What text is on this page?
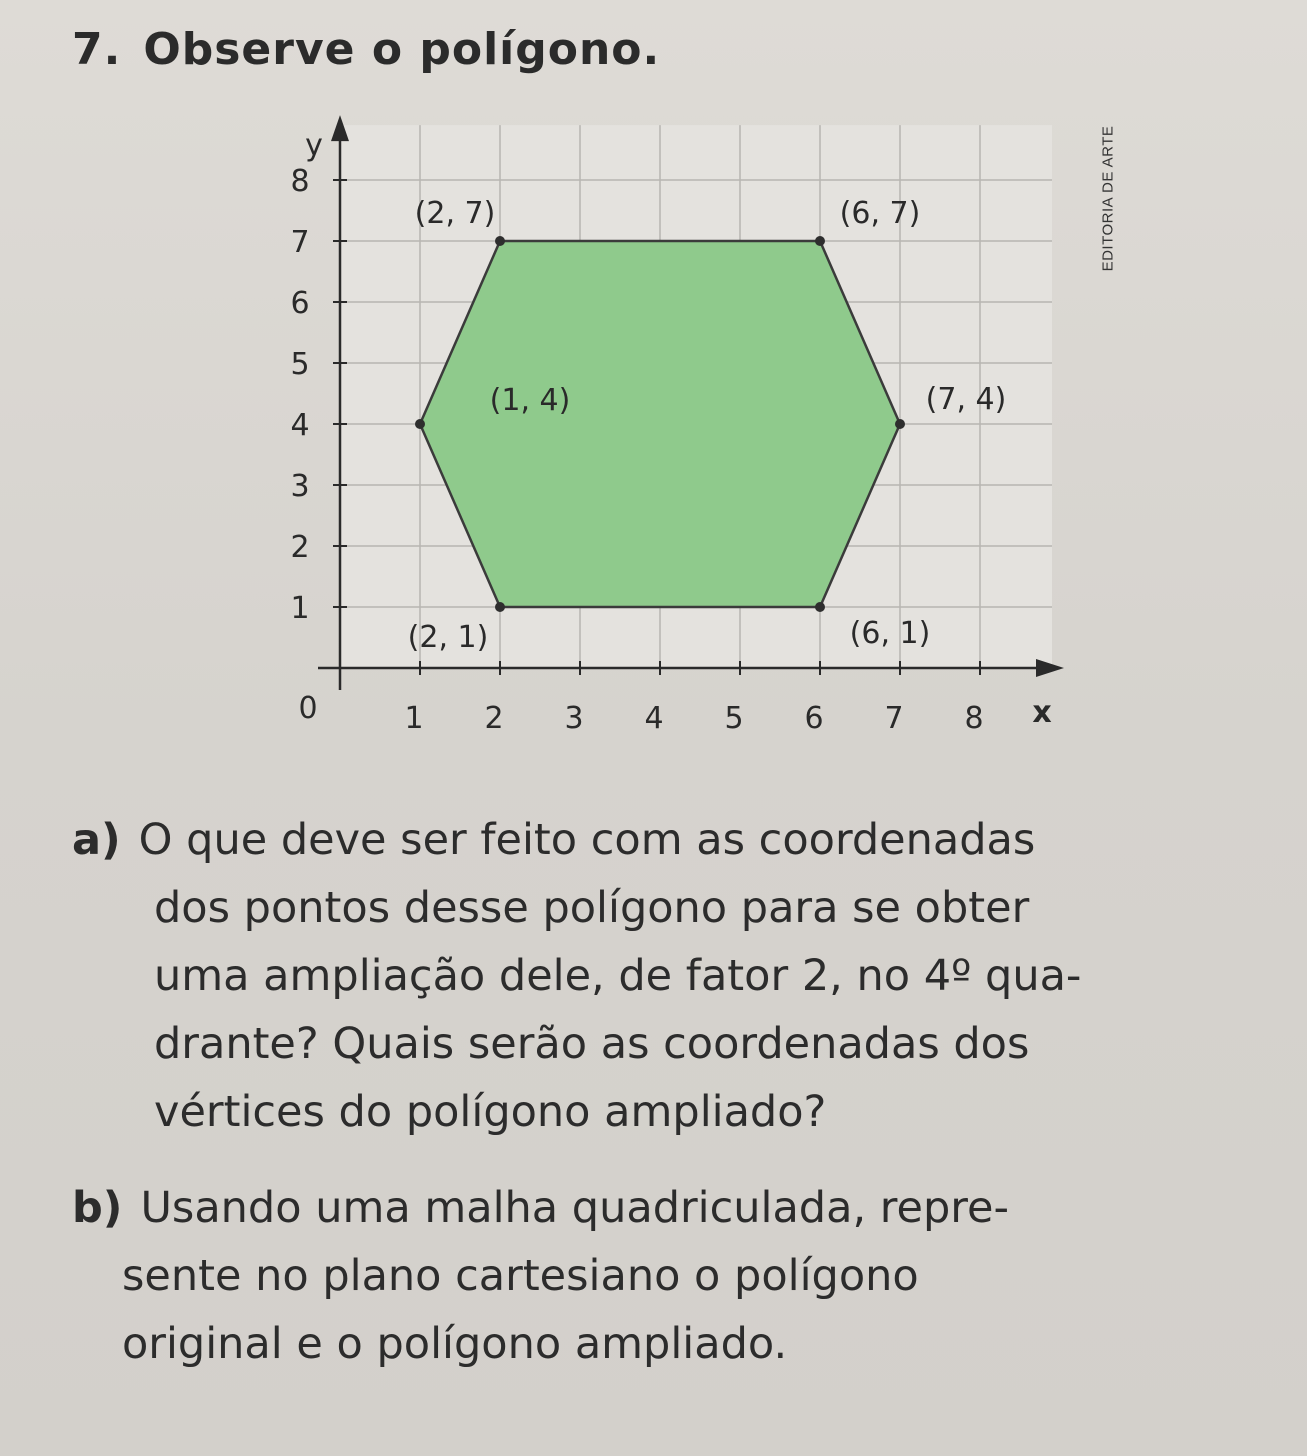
7. Observe o polígono.
1 2 3 4 5 6 7 8
1
2
3
4
5
6
7
8
0	x
y
(2, 7)	(6, 7)
(7, 4)
(6, 1)
(2, 1)
(1, 4)
EDITORIA DE ARTE
a) O que deve ser feito com as coordenadas
dos pontos desse polígono para se obter
uma ampliação dele, de fator 2, no 4º qua-
drante? Quais serão as coordenadas dos
vértices do polígono ampliado?
b) Usando uma malha quadriculada, repre-
sente no plano cartesiano o polígono
original e o polígono ampliado.
